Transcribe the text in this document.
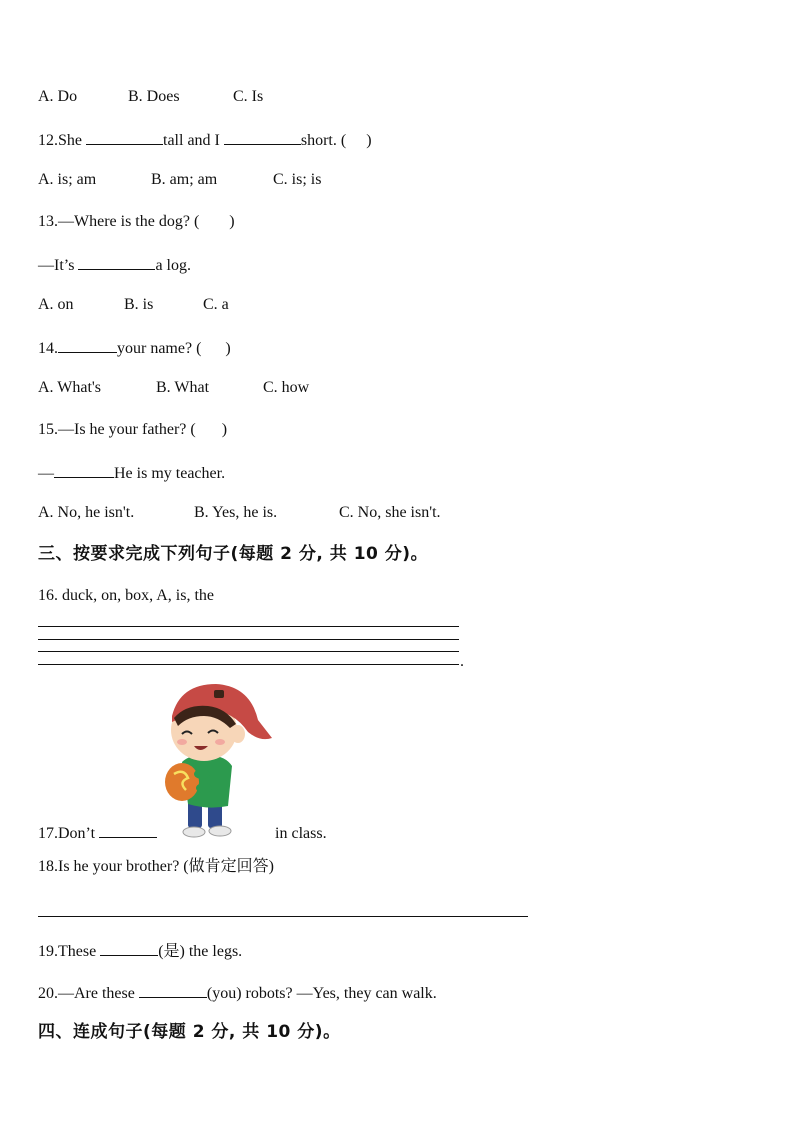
A. Do	B. Does	C. Is
12.She	tall and I	short. ( )
A. is; am	B. am; am	C. is; is
13.—Where is the dog? ( )
—It’s	a log.
A. on	B. is	C. a
14.	your name? ( )
A. What's	B. What	C. how
15.—Is he your father? ( )
—	He is my teacher.
A. No, he isn't.	B. Yes, he is.	C. No, she isn't.
三、按要求完成下列句子(每题 2 分, 共 10 分)。
16. duck, on, box, A, is, the
.
17.Don’t	in class.
18.Is he your brother? (做肯定回答)
19.These	(是) the legs.
20.—Are these	(you) robots? —Yes, they can walk.
四、连成句子(每题 2 分, 共 10 分)。
